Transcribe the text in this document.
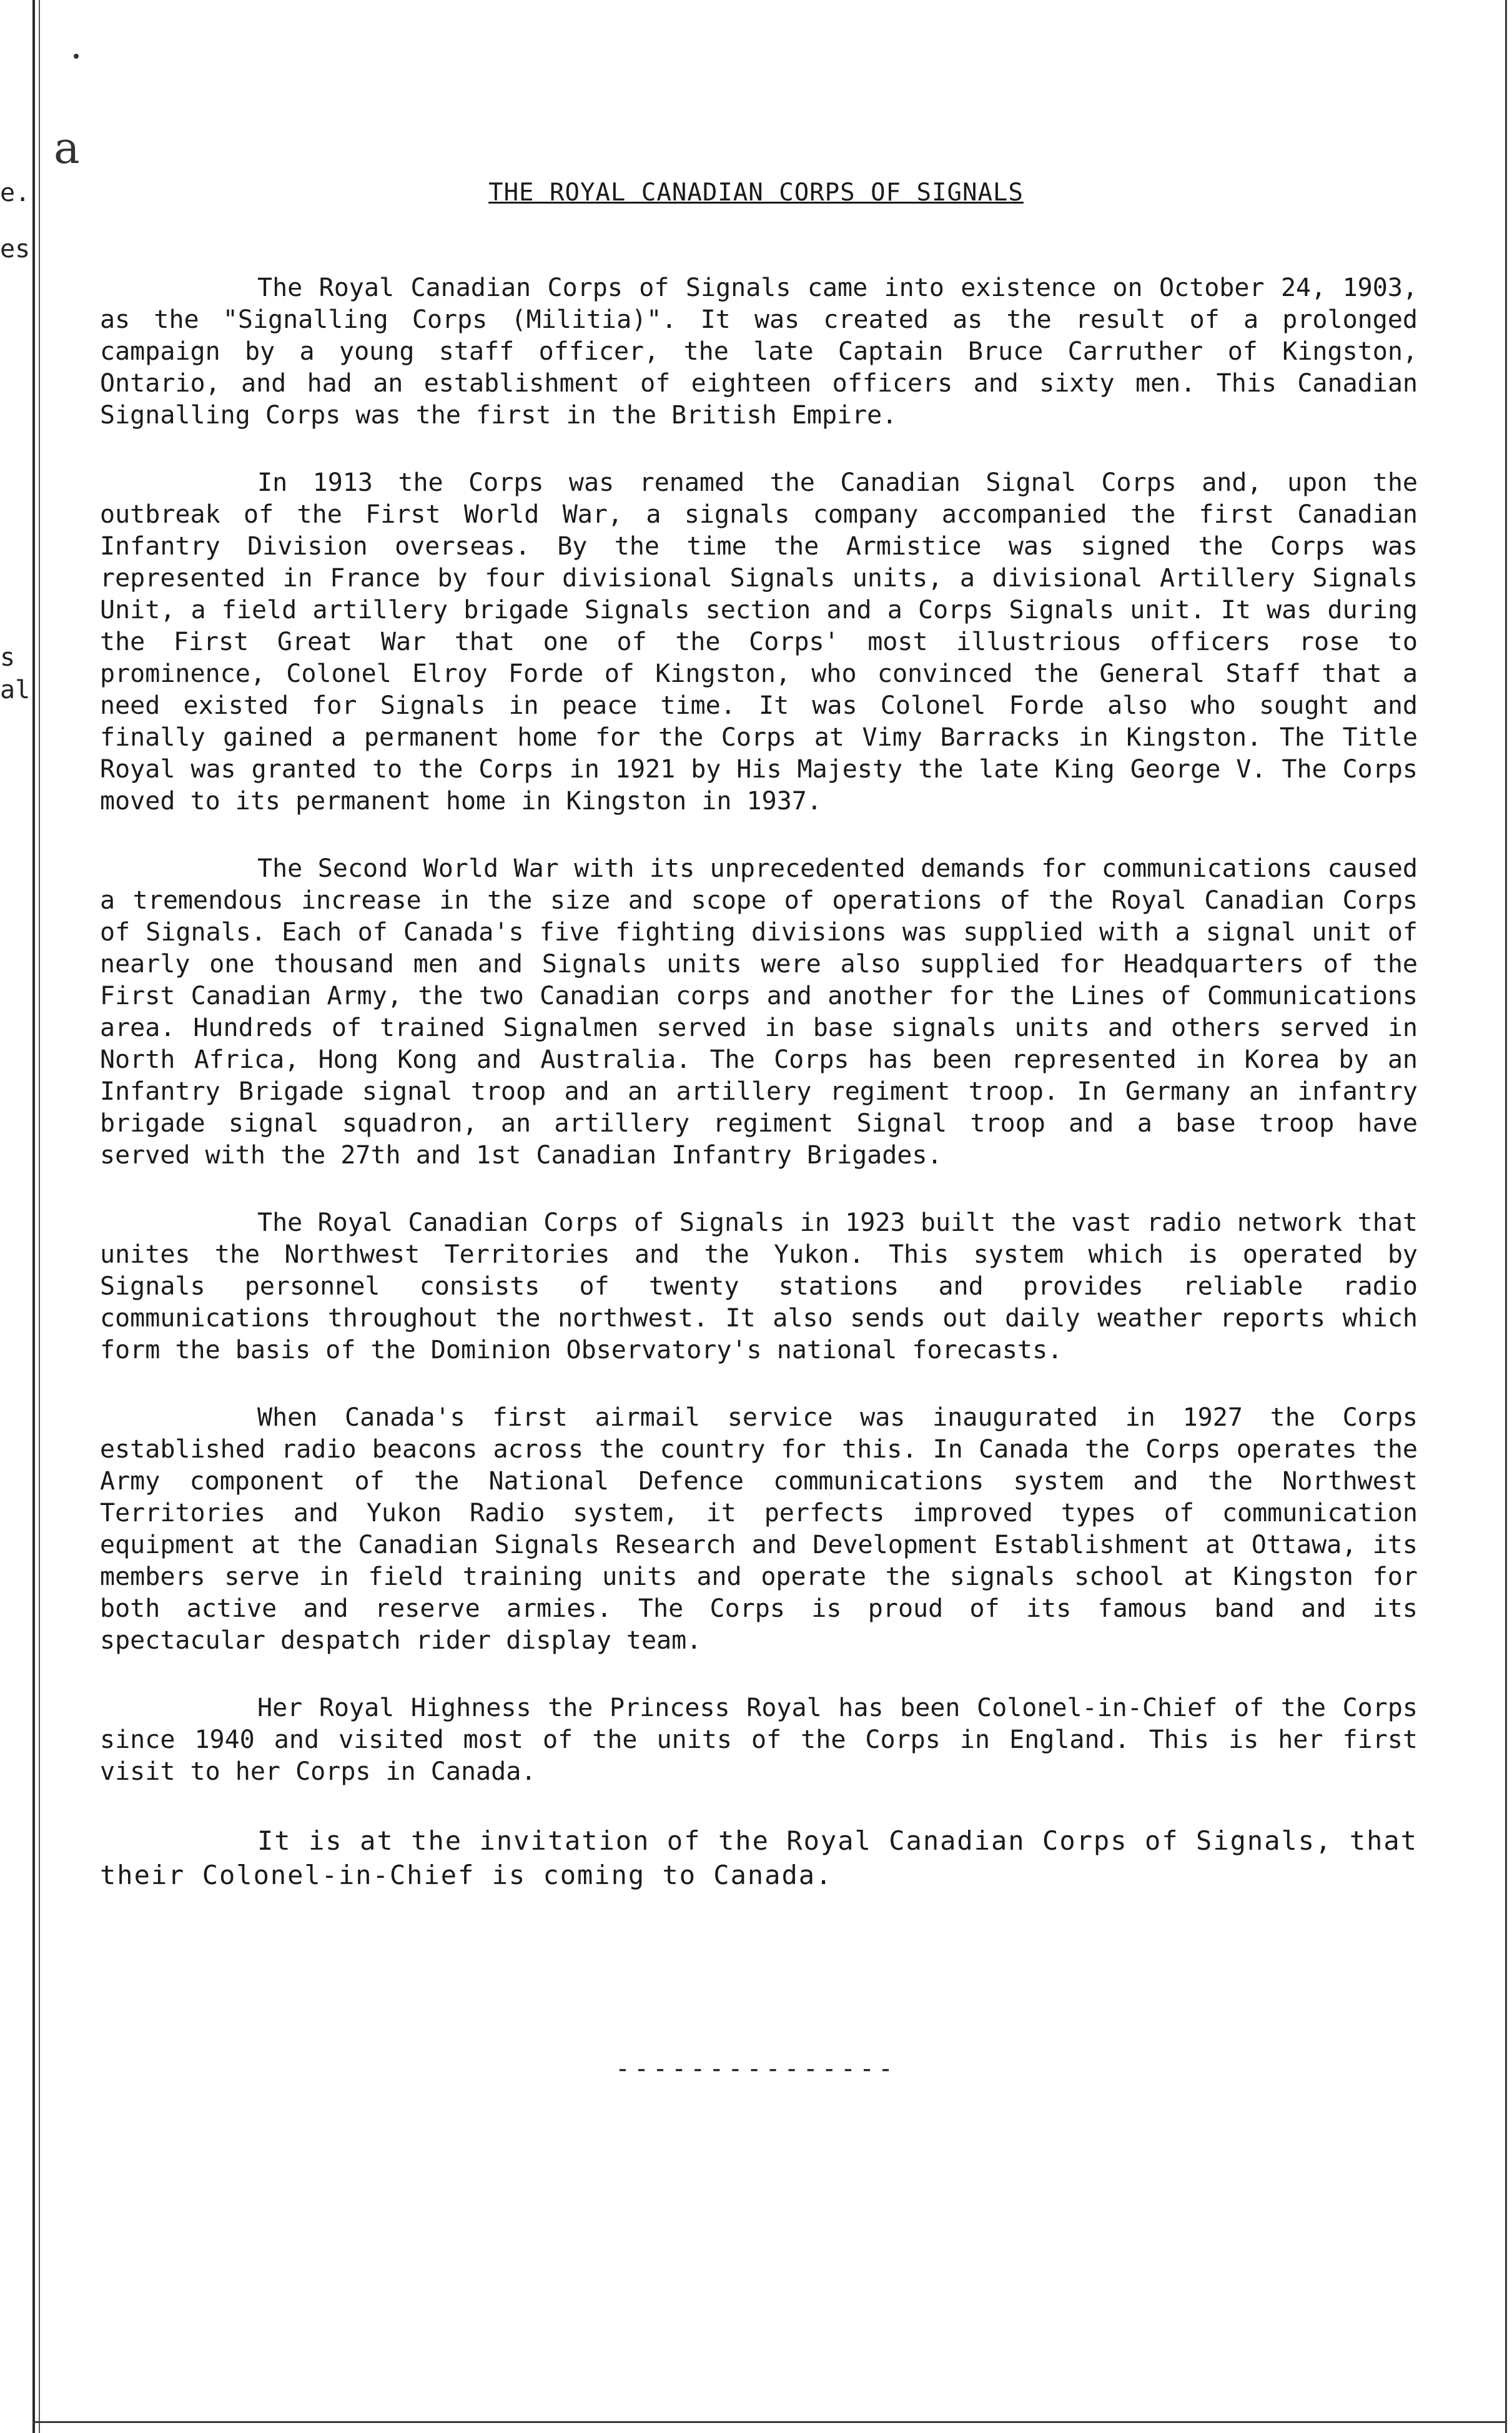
e.
es
s
al
a
THE ROYAL CANADIAN CORPS OF SIGNALS

The Royal Canadian Corps of Signals came into existence on October 24, 1903, as the "Signalling Corps (Militia)". It was created as the result of a prolonged campaign by a young staff officer, the late Captain Bruce Carruther of Kingston, Ontario, and had an establishment of eighteen officers and sixty men. This Canadian Signalling Corps was the first in the British Empire.

In 1913 the Corps was renamed the Canadian Signal Corps and, upon the outbreak of the First World War, a signals company accompanied the first Canadian Infantry Division overseas. By the time the Armistice was signed the Corps was represented in France by four divisional Signals units, a divisional Artillery Signals Unit, a field artillery brigade Signals section and a Corps Signals unit. It was during the First Great War that one of the Corps' most illustrious officers rose to prominence, Colonel Elroy Forde of Kingston, who convinced the General Staff that a need existed for Signals in peace time. It was Colonel Forde also who sought and finally gained a permanent home for the Corps at Vimy Barracks in Kingston. The Title Royal was granted to the Corps in 1921 by His Majesty the late King George V. The Corps moved to its permanent home in Kingston in 1937.

The Second World War with its unprecedented demands for communications caused a tremendous increase in the size and scope of operations of the Royal Canadian Corps of Signals. Each of Canada's five fighting divisions was supplied with a signal unit of nearly one thousand men and Signals units were also supplied for Headquarters of the First Canadian Army, the two Canadian corps and another for the Lines of Communications area. Hundreds of trained Signalmen served in base signals units and others served in North Africa, Hong Kong and Australia. The Corps has been represented in Korea by an Infantry Brigade signal troop and an artillery regiment troop. In Germany an infantry brigade signal squadron, an artillery regiment Signal troop and a base troop have served with the 27th and 1st Canadian Infantry Brigades.

The Royal Canadian Corps of Signals in 1923 built the vast radio network that unites the Northwest Territories and the Yukon. This system which is operated by Signals personnel consists of twenty stations and provides reliable radio communications throughout the northwest. It also sends out daily weather reports which form the basis of the Dominion Observatory's national forecasts.

When Canada's first airmail service was inaugurated in 1927 the Corps established radio beacons across the country for this. In Canada the Corps operates the Army component of the National Defence communications system and the Northwest Territories and Yukon Radio system, it perfects improved types of communication equipment at the Canadian Signals Research and Development Establishment at Ottawa, its members serve in field training units and operate the signals school at Kingston for both active and reserve armies. The Corps is proud of its famous band and its spectacular despatch rider display team.

Her Royal Highness the Princess Royal has been Colonel-in-Chief of the Corps since 1940 and visited most of the units of the Corps in England. This is her first visit to her Corps in Canada.

It is at the invitation of the Royal Canadian Corps of Signals, that their Colonel-in-Chief is coming to Canada.

---------------
